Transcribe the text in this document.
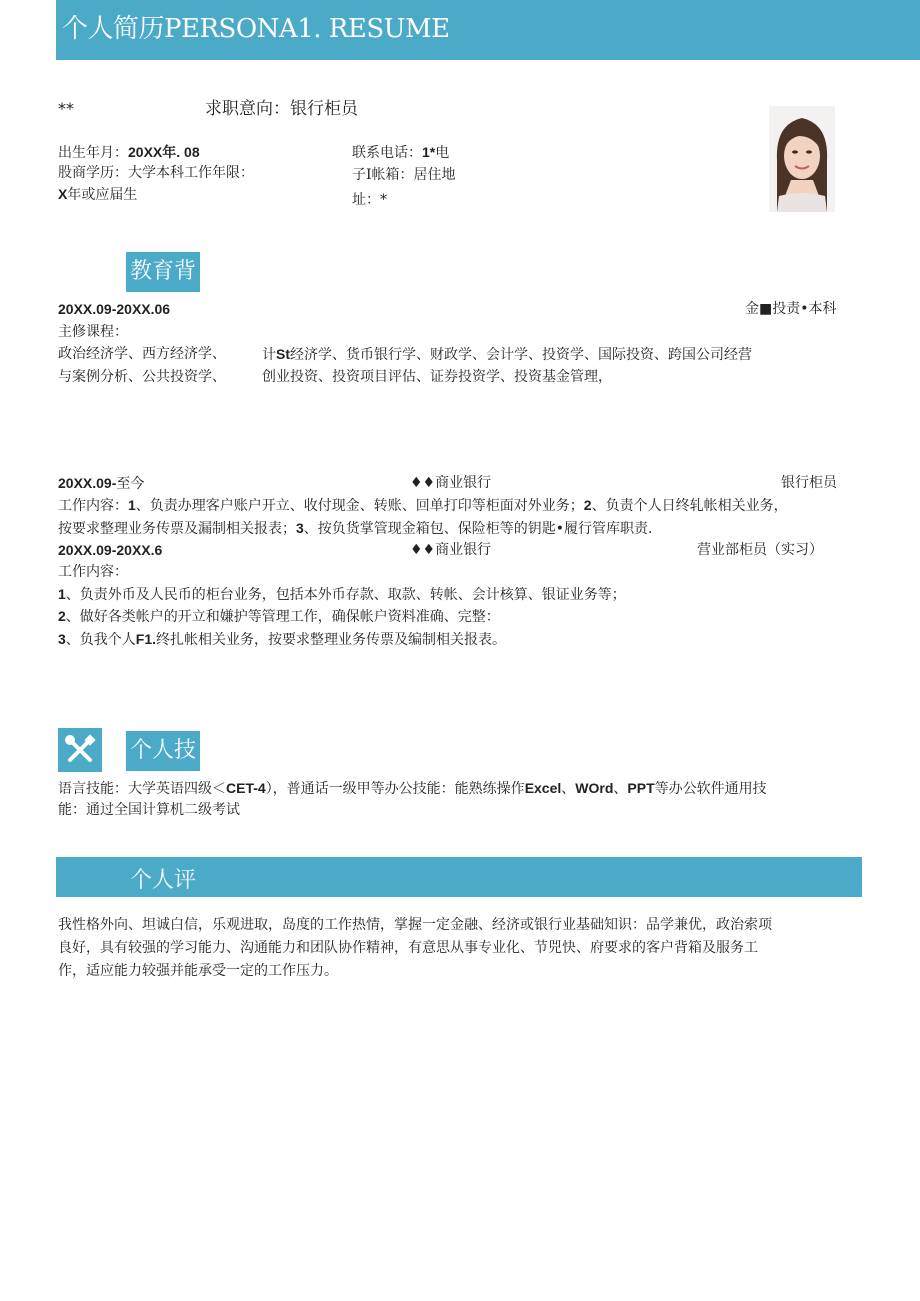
个人简历PERSONA1. RESUME
**	求职意向：银行柜员
出生年月：20XX年. 08
股商学历：大学本科工作年限：
X年或应届生
联系电话：1*电
子I帐箱：居住地
址：*
教育背
20XX.09-20XX.06	金■投责•本科
主修课程：
政治经济学、西方经济学、	计St经济学、货币银行学、财政学、会计学、投资学、国际投资、跨国公司经营
与案例分析、公共投资学、	创业投资、投资项目评估、证券投资学、投资基金管理，
20XX.09-至今	♦♦商业银行	银行柜员
工作内容：1、负责办理客户账户开立、收付现金、转账、回单打印等柜面对外业务；2、负责个人日终轧帐相关业务，
按要求整理业务传票及漏制相关报表；3、按负货掌管现金箱包、保险柜等的钥匙•履行管库职责.
20XX.09-20XX.6	♦♦商业银行	营业部柜员（实习）
工作内容：
1、负责外币及人民币的柜台业务，包括本外币存款、取款、转帐、会计核算、银证业务等；
2、做好各类帐户的开立和嫌护等管理工作，确保帐户资料准确、完整：
3、负我个人F1.终扎帐相关业务，按要求整理业务传票及编制相关报表。
个人技
语言技能：大学英语四级＜CET-4），普通话一级甲等办公技能：能熟练操作Excel、WOrd、PPT等办公软件通用技
能：通过全国计算机二级考试
个人评
我性格外向、坦诚白信，乐观进取，岛度的工作热情，掌握一定金融、经济或银行业基础知识：品学兼优，政治索项
良好，具有较强的学习能力、沟通能力和团队协作精神，有意思从事专业化、节兕快、府要求的客户背箱及服务工
作，适应能力较强并能承受一定的工作压力。
